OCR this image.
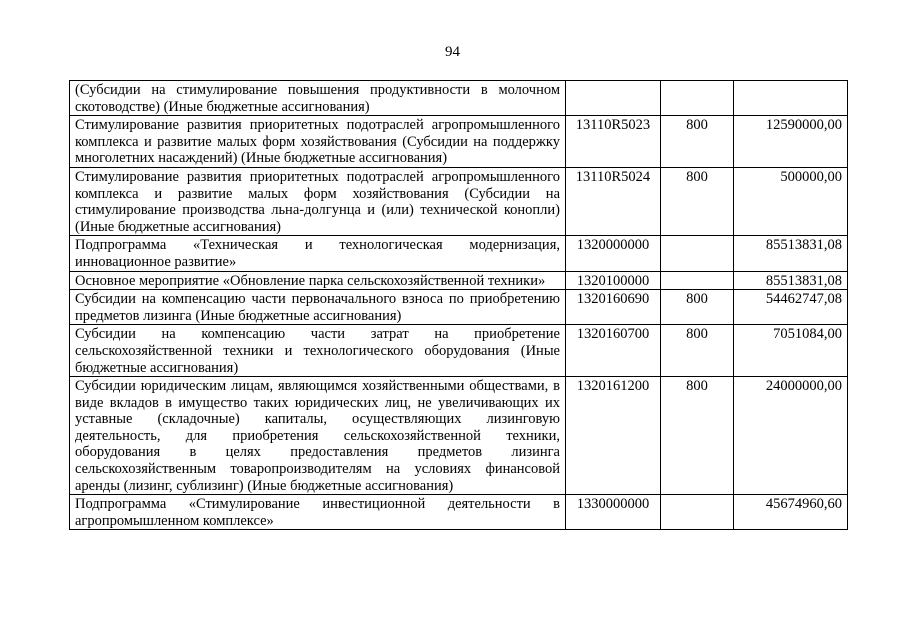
94
(Субсидии на стимулирование повышения продуктивности в молочном скотоводстве) (Иные бюджетные ассигнования)			
Стимулирование развития приоритетных подотраслей агропромышленного комплекса и развитие малых форм хозяйствования (Субсидии на поддержку многолетних насаждений) (Иные бюджетные ассигнования)	13110R5023	800	12590000,00
Стимулирование развития приоритетных подотраслей агропромышленного комплекса и развитие малых форм хозяйствования (Субсидии на стимулирование производства льна-долгунца и (или) технической конопли) (Иные бюджетные ассигнования)	13110R5024	800	500000,00
Подпрограмма «Техническая и технологическая модернизация, инновационное развитие»	1320000000		85513831,08
Основное мероприятие «Обновление парка сельскохозяйственной техники»	1320100000		85513831,08
Субсидии на компенсацию части первоначального взноса по приобретению предметов лизинга (Иные бюджетные ассигнования)	1320160690	800	54462747,08
Субсидии на компенсацию части затрат на приобретение сельскохозяйственной техники и технологического оборудования (Иные бюджетные ассигнования)	1320160700	800	7051084,00
Субсидии юридическим лицам, являющимся хозяйственными обществами, в виде вкладов в имущество таких юридических лиц, не увеличивающих их уставные (складочные) капиталы, осуществляющих лизинговую деятельность, для приобретения сельскохозяйственной техники, оборудования в целях предоставления предметов лизинга сельскохозяйственным товаропроизводителям на условиях финансовой аренды (лизинг, сублизинг) (Иные бюджетные ассигнования)	1320161200	800	24000000,00
Подпрограмма «Стимулирование инвестиционной деятельности в агропромышленном комплексе»	1330000000		45674960,60
